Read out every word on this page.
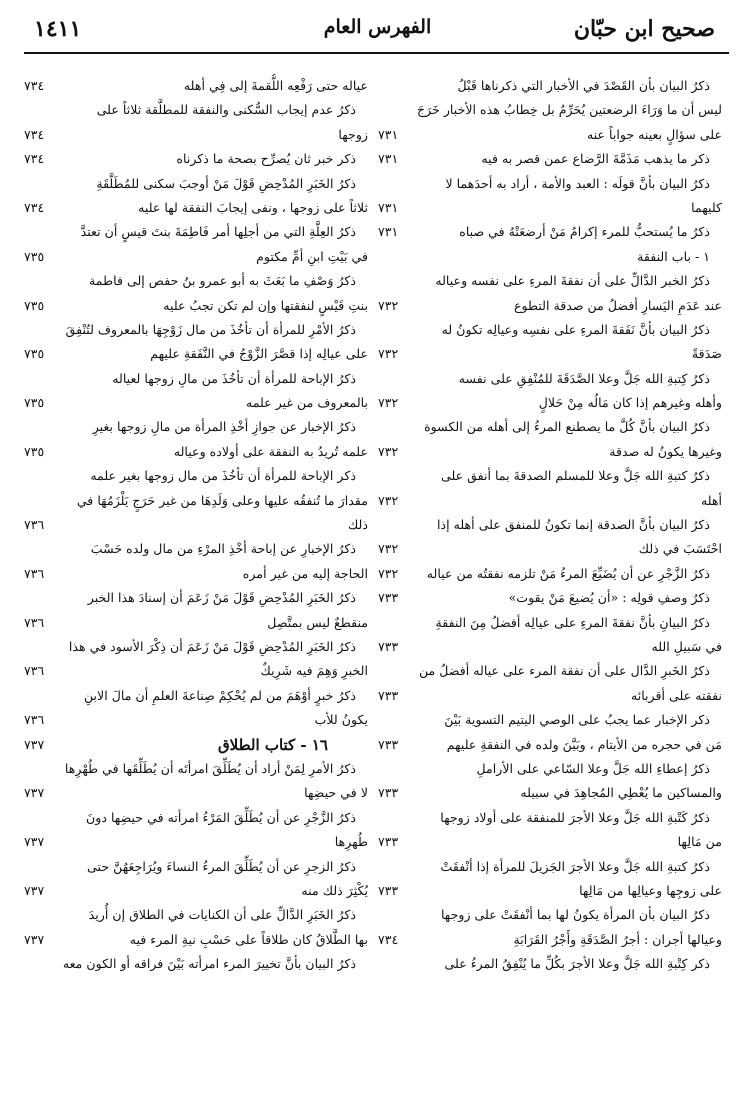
صحيح ابن حبّان
الفهرس العام
١٤١١
ذكرُ البيان بأن القَصْدَ في الأخبار التي ذكرناها قَبْلُ
ليس أن ما وَرَاءَ الرضعتين يُحَرِّمُ بل خِطابُ هذه الأخبار خَرَجَ
على سؤالٍ بعينه جواباً عنه
٧٣١
ذكر ما يذهب مَذَمَّةَ الرَّضاع عمن قصر به فيه
٧٣١
ذكرُ البيان بأنَّ قولَه : العبد والأمة ، أراد به أحدَهما لا
كليهما
٧٣١
ذكرُ ما يُستحبُّ للمرء إكرامُ مَنْ أرضعَتْهُ في صباه
٧٣١
١ - باب النفقة
ذكرُ الخبر الدَّالِّ على أن نفقةَ المرءِ على نفسه وعياله
عند عَدَمِ اليَسارِ أفضلُ من صدقة التطوع
٧٣٢
ذكرُ البيان بأنَّ نَفَقةَ المرءِ على نفسِه وعيالِه تكونُ له
صَدَقةً
٧٣٢
ذكرُ كِتبةِ الله جَلَّ وعلا الصَّدَقَةَ للمُنْفِقِ على نفسه
وأهله وغيرهم إذا كان مَالُه مِنْ حَلالٍ
٧٣٢
ذكرُ البيان بأنَّ كُلَّ ما يصطنع المرءُ إلى أهله من الكسوة
وغيرها يكونُ له صدقة
٧٣٢
ذكرُ كتبةِ الله جَلَّ وعلا للمسلم الصدقةَ بما أنفق على
أهله
٧٣٢
ذكرُ البيان بأنَّ الصدقة إنما تكونُ للمنفق على أهله إذا
احْتَسَبَ في ذلك
٧٣٢
ذكرُ الزَّجْرِ عن أن يُضَيِّعَ المرءُ مَنْ تلزمه نفقتُه من عياله
٧٣٢
ذكرُ وصفِ قولِه : «أن يُضيعَ مَنْ يقوت»
٧٣٣
ذكرُ البيانِ بأنَّ نفقةَ المرءِ على عيالِه أفضلُ مِنَ النفقةِ
في سَبيلِ الله
٧٣٣
ذكرُ الخَبرِ الدَّال على أن نفقة المرء على عياله أفضلُ من
نفقته على أقربائه
٧٣٣
ذكر الإخبار عما يجبُ على الوصي اليتيم التسوية بَيْنَ
مَن في حجره من الأيتام ، وبَيَّنَ ولده في النفقةِ عليهم
٧٣٣
ذكرُ إعطاءِ الله جَلَّ وعلا السّاعي على الأراملِ
والمساكين ما يُعْطِي المُجاهِدَ في سبيله
٧٣٣
ذكرُ كَتْبةِ الله جَلَّ وعلا الأجرَ للمنفقة على أولاد زوجها
من مَالِها
٧٣٣
ذكرُ كتبةِ الله جَلَّ وعلا الأجرَ الجَزيلَ للمرأة إذا أنْفقَتْ
على زوجِها وعيالِها من مَالِها
٧٣٣
ذكرُ البيان بأن المرأة يكونُ لها بما أنْفقَتْ على زوجها
وعيالها أجران : أجرُ الصَّدَقَةِ وأَجْرُ القَرَابَةِ
٧٣٤
ذكر كِتْبةِ الله جَلَّ وعلا الأجرَ بكُلِّ ما يُنْفِقُ المرءُ على
عياله حتى رَفْعِه اللُّقمةَ إلى فِي أهله
٧٣٤
ذكرُ عدم إيجاب السُّكنى والنفقة للمطلَّقة ثلاثاً على
زوجها
٧٣٤
ذكر خبر ثان يُصرِّح بصحة ما ذكرناه
٧٣٤
ذكرُ الخَبَرِ المُدْحِضِ قَوْلَ مَنْ أوجبَ سكنى للمُطَلَّقَةِ
ثلاثاً على زوجها ، ونفى إيجابَ النفقة لها عليه
٧٣٤
ذكرُ العِلَّةِ التي من أجلِها أمر فَاطِمَةَ بنتَ قيسٍ أن تعتدَّ
في بَيْتِ ابنِ أمِّ مكتوم
٧٣٥
ذكرُ وَصْفِ ما بَعَثَ به أبو عمرو بنُ حفص إلى فاطمة
بنتِ قَيْسٍ لنفقتها وإن لم تكن تجبُ عليه
٧٣٥
ذكرُ الأمْرِ للمرأة أن تأخُذَ من مال زَوْجِهَا بالمعروف لتُنْفِقَ
على عيالِه إذا قصَّرَ الزَّوْجُ في النَّفَقةِ عليهم
٧٣٥
ذكرُ الإباحة للمرأة أن تأخُذَ من مالِ زوجها لعياله
بالمعروف من غير علمه
٧٣٥
ذكرُ الإخبار عن جوازِ أخْذِ المرأة من مالِ زوجها بغيرِ
علمه تُريدُ به النفقة على أولاده وعياله
٧٣٥
ذكر الإباحة للمرأة أن تأخُذَ من مال زوجها بغير علمه
مقدارَ ما تُنفقُه عليها وعلى وَلَدِهَا من غير حَرَجٍ يَلْزَمُهَا في
ذلك
٧٣٦
ذكرُ الإخبارِ عن إباحة أخْذِ المرْءِ من مال ولده حَسْبَ
الحاجة إليه من غير أمره
٧٣٦
ذكرُ الخَبَرِ المُدْحِضِ قَوْلَ مَنْ زَعَمَ أن إسنادَ هذا الخبر
منقطعٌ ليس بمتَّصِل
٧٣٦
ذكرُ الخَبَرِ المُدْحِضِ قَوْلَ مَنْ زَعَمَ أن ذِكْرَ الأسود في هذا
الخبرِ وَهِمَ فيه شَرِيكٌ
٧٣٦
ذكرُ خبرٍ أوْهَمَ من لم يُحْكِمْ صِناعةَ العلمِ أن مالَ الابنِ
يكونُ للأب
٧٣٦
١٦ - كتاب الطلاق
٧٣٧
ذكرُ الأمرِ لِمَنْ أراد أن يُطَلِّقَ امرأتَه أن يُطَلِّقَها في طُهْرِها
لا في حيضِها
٧٣٧
ذكرُ الزَّجْرِ عن أن يُطَلِّقَ المَرْءُ امرأته في حيضِها دونَ
طُهرِها
٧٣٧
ذكرُ الزجرِ عن أن يُطَلِّقَ المرءُ النساءَ ويُرَاجِعَهُنَّ حتى
يُكْثِرَ ذلك منه
٧٣٧
ذكرُ الخَبَرِ الدَّالِّ على أن الكنايات في الطلاق إن أُريدَ
بها الطَّلاقُ كان طلاقاً على حَسْبِ نيةِ المرء فيه
٧٣٧
ذكرُ البيان بأنَّ تخييرَ المرء امرأته بَيْنَ فراقه أو الكون معه
